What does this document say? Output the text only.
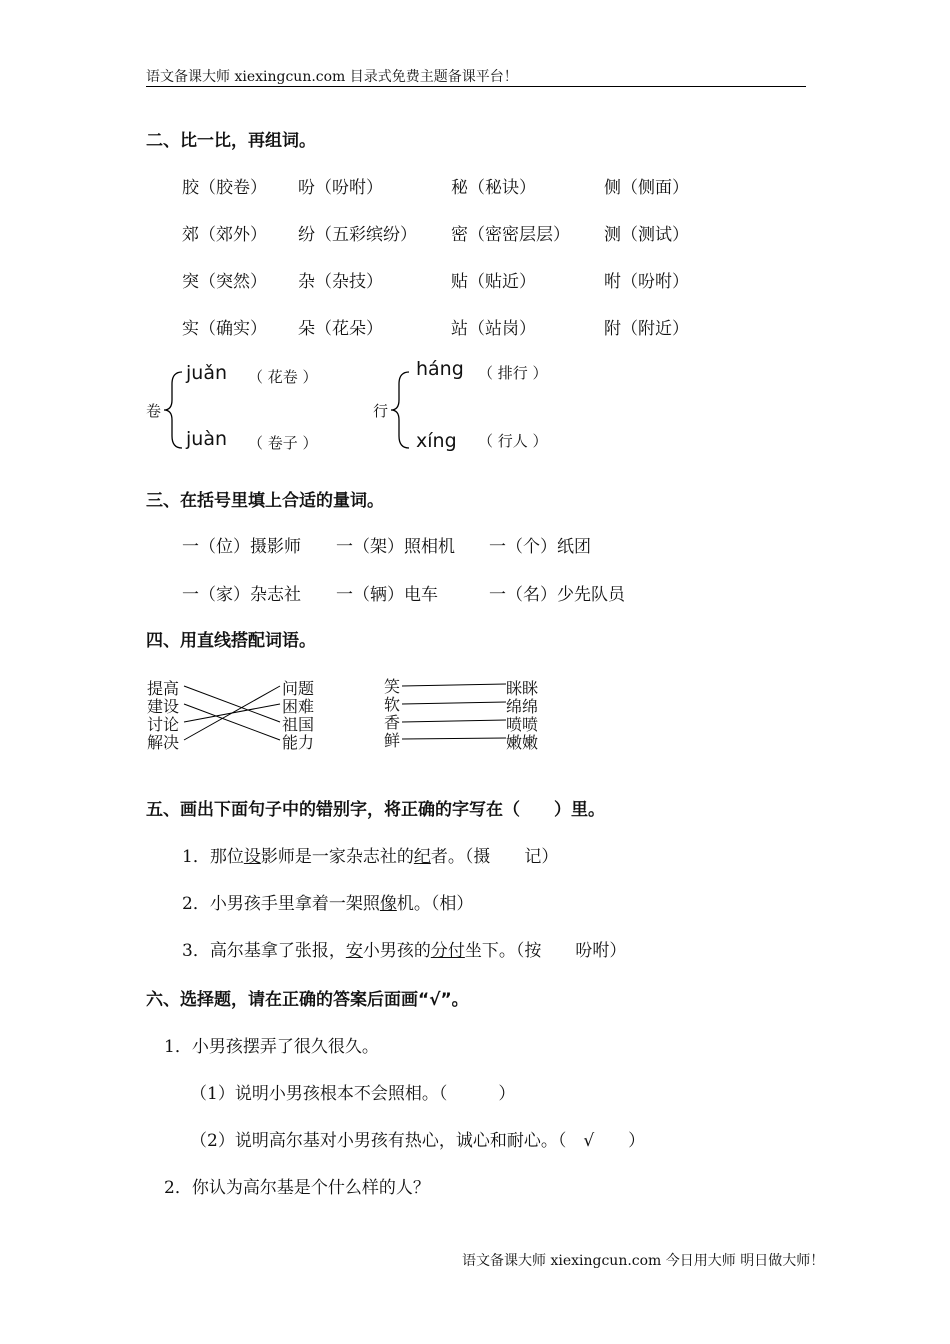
语文备课大师 xiexingcun.com 目录式免费主题备课平台！
二、比一比，再组词。
胶（胶卷） 吩（吩咐）	秘（秘诀）	侧（侧面）
郊（郊外） 纷（五彩缤纷） 密（密密层层） 测（测试）
突（突然） 杂（杂技）	贴（贴近）	咐（吩咐）
实（确实） 朵（花朵）	站（站岗）	附（附近）
卷
juǎn （ 花卷 ）
juàn （ 卷子 ）
行
háng （ 排行 ）
xíng （ 行人 ）
三、在括号里填上合适的量词。
一（位）摄影师 一（架）照相机 一（个）纸团
一（家）杂志社 一（辆）电车	一（名）少先队员
四、用直线搭配词语。
提高
建设
讨论
解决
问题
困难
祖国
能力
笑
软
香
鲜
眯眯
绵绵
喷喷
嫩嫩
五、画出下面句子中的错别字，将正确的字写在（　　）里。
1．那位设影师是一家杂志社的纪者。（摄　　记）
2．小男孩手里拿着一架照像机。（相）
3．高尔基拿了张报，安小男孩的分付坐下。（按　　吩咐）
六、选择题，请在正确的答案后面画“√”。
1．小男孩摆弄了很久很久。
（1）说明小男孩根本不会照相。（　　　）
（2）说明高尔基对小男孩有热心，诚心和耐心。（　√　　）
2．你认为高尔基是个什么样的人？
语文备课大师 xiexingcun.com 今日用大师 明日做大师！
